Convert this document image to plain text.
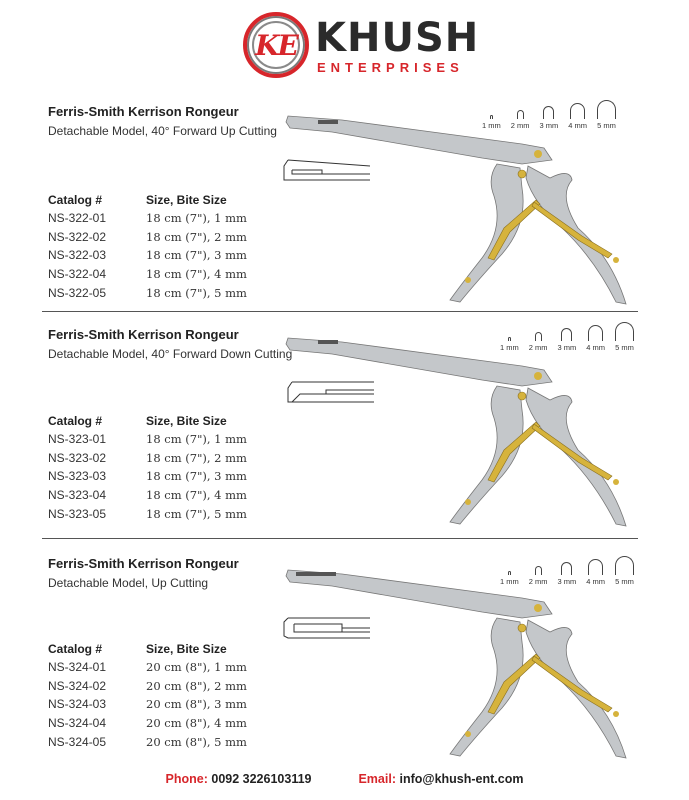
KE KHUSH
ENTERPRISES
Ferris-Smith Kerrison Rongeur
Detachable Model, 40° Forward Up Cutting	1 mm 2 mm 3 mm 4 mm 5 mm
Catalog #	Size, Bite Size
NS-322-01	18 cm (7"), 1 mm
NS-322-02	18 cm (7"), 2 mm
NS-322-03	18 cm (7"), 3 mm
NS-322-04	18 cm (7"), 4 mm
NS-322-05	18 cm (7"), 5 mm
Ferris-Smith Kerrison Rongeur
Detachable Model, 40° Forward Down Cutting	1 mm 2 mm 3 mm 4 mm 5 mm
Catalog #	Size, Bite Size
NS-323-01	18 cm (7"), 1 mm
NS-323-02	18 cm (7"), 2 mm
NS-323-03	18 cm (7"), 3 mm
NS-323-04	18 cm (7"), 4 mm
NS-323-05	18 cm (7"), 5 mm
Ferris-Smith Kerrison Rongeur
Detachable Model, Up Cutting	1 mm 2 mm 3 mm 4 mm 5 mm
Catalog #	Size, Bite Size
NS-324-01	20 cm (8"), 1 mm
NS-324-02	20 cm (8"), 2 mm
NS-324-03	20 cm (8"), 3 mm
NS-324-04	20 cm (8"), 4 mm
NS-324-05	20 cm (8"), 5 mm
Phone: 0092 3226103119	Email: info@khush-ent.com
